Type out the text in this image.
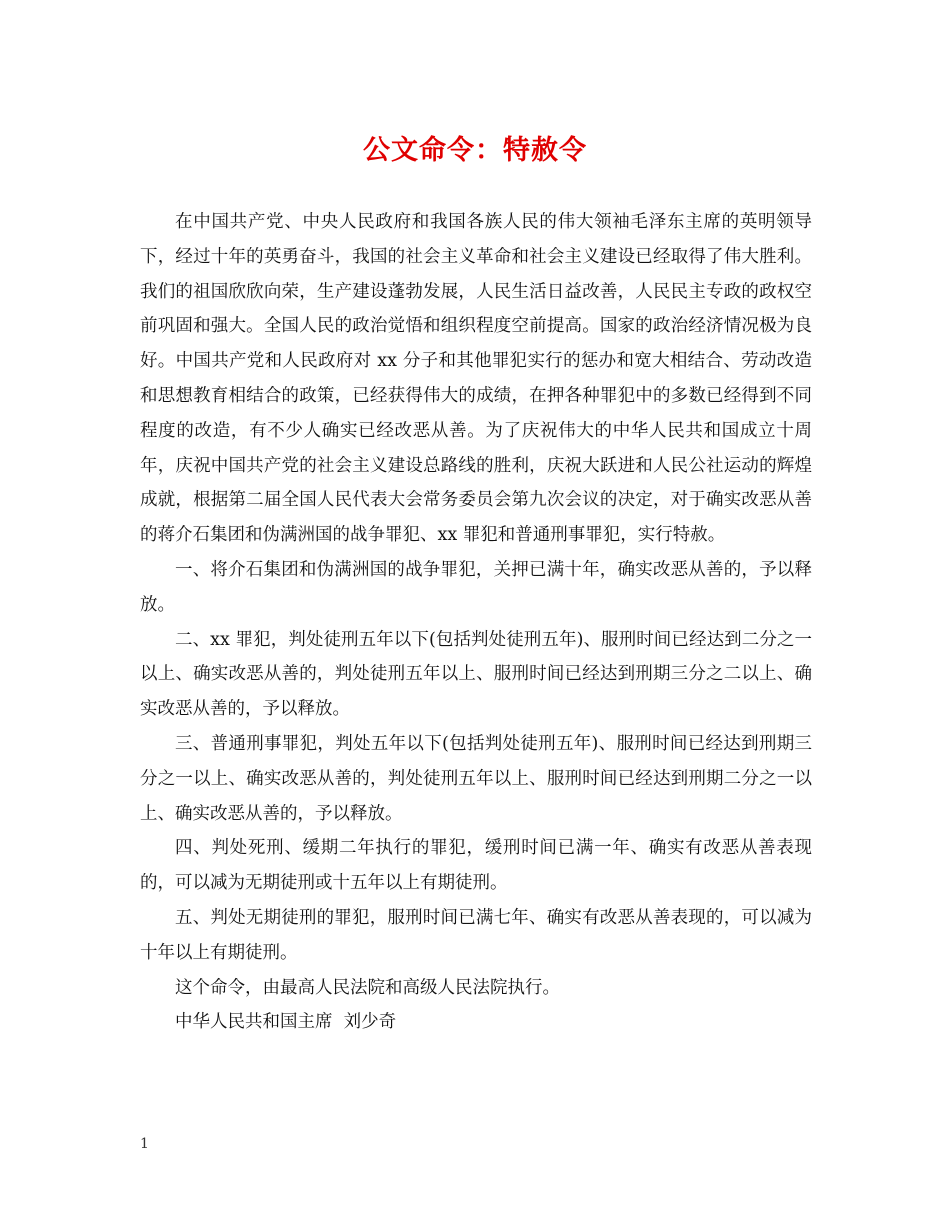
公文命令：特赦令

在中国共产党、中央人民政府和我国各族人民的伟大领袖毛泽东主席的英明领导下，经过十年的英勇奋斗，我国的社会主义革命和社会主义建设已经取得了伟大胜利。我们的祖国欣欣向荣，生产建设蓬勃发展，人民生活日益改善，人民民主专政的政权空前巩固和强大。全国人民的政治觉悟和组织程度空前提高。国家的政治经济情况极为良好。中国共产党和人民政府对 xx 分子和其他罪犯实行的惩办和宽大相结合、劳动改造和思想教育相结合的政策，已经获得伟大的成绩，在押各种罪犯中的多数已经得到不同程度的改造，有不少人确实已经改恶从善。为了庆祝伟大的中华人民共和国成立十周年，庆祝中国共产党的社会主义建设总路线的胜利，庆祝大跃进和人民公社运动的辉煌成就，根据第二届全国人民代表大会常务委员会第九次会议的决定，对于确实改恶从善的蒋介石集团和伪满洲国的战争罪犯、xx 罪犯和普通刑事罪犯，实行特赦。

一、将介石集团和伪满洲国的战争罪犯，关押已满十年，确实改恶从善的，予以释放。

二、xx 罪犯，判处徒刑五年以下(包括判处徒刑五年)、服刑时间已经达到二分之一以上、确实改恶从善的，判处徒刑五年以上、服刑时间已经达到刑期三分之二以上、确实改恶从善的，予以释放。

三、普通刑事罪犯，判处五年以下(包括判处徒刑五年)、服刑时间已经达到刑期三分之一以上、确实改恶从善的，判处徒刑五年以上、服刑时间已经达到刑期二分之一以上、确实改恶从善的，予以释放。

四、判处死刑、缓期二年执行的罪犯，缓刑时间已满一年、确实有改恶从善表现的，可以减为无期徒刑或十五年以上有期徒刑。

五、判处无期徒刑的罪犯，服刑时间已满七年、确实有改恶从善表现的，可以减为十年以上有期徒刑。

这个命令，由最高人民法院和高级人民法院执行。

中华人民共和国主席  刘少奇

1
